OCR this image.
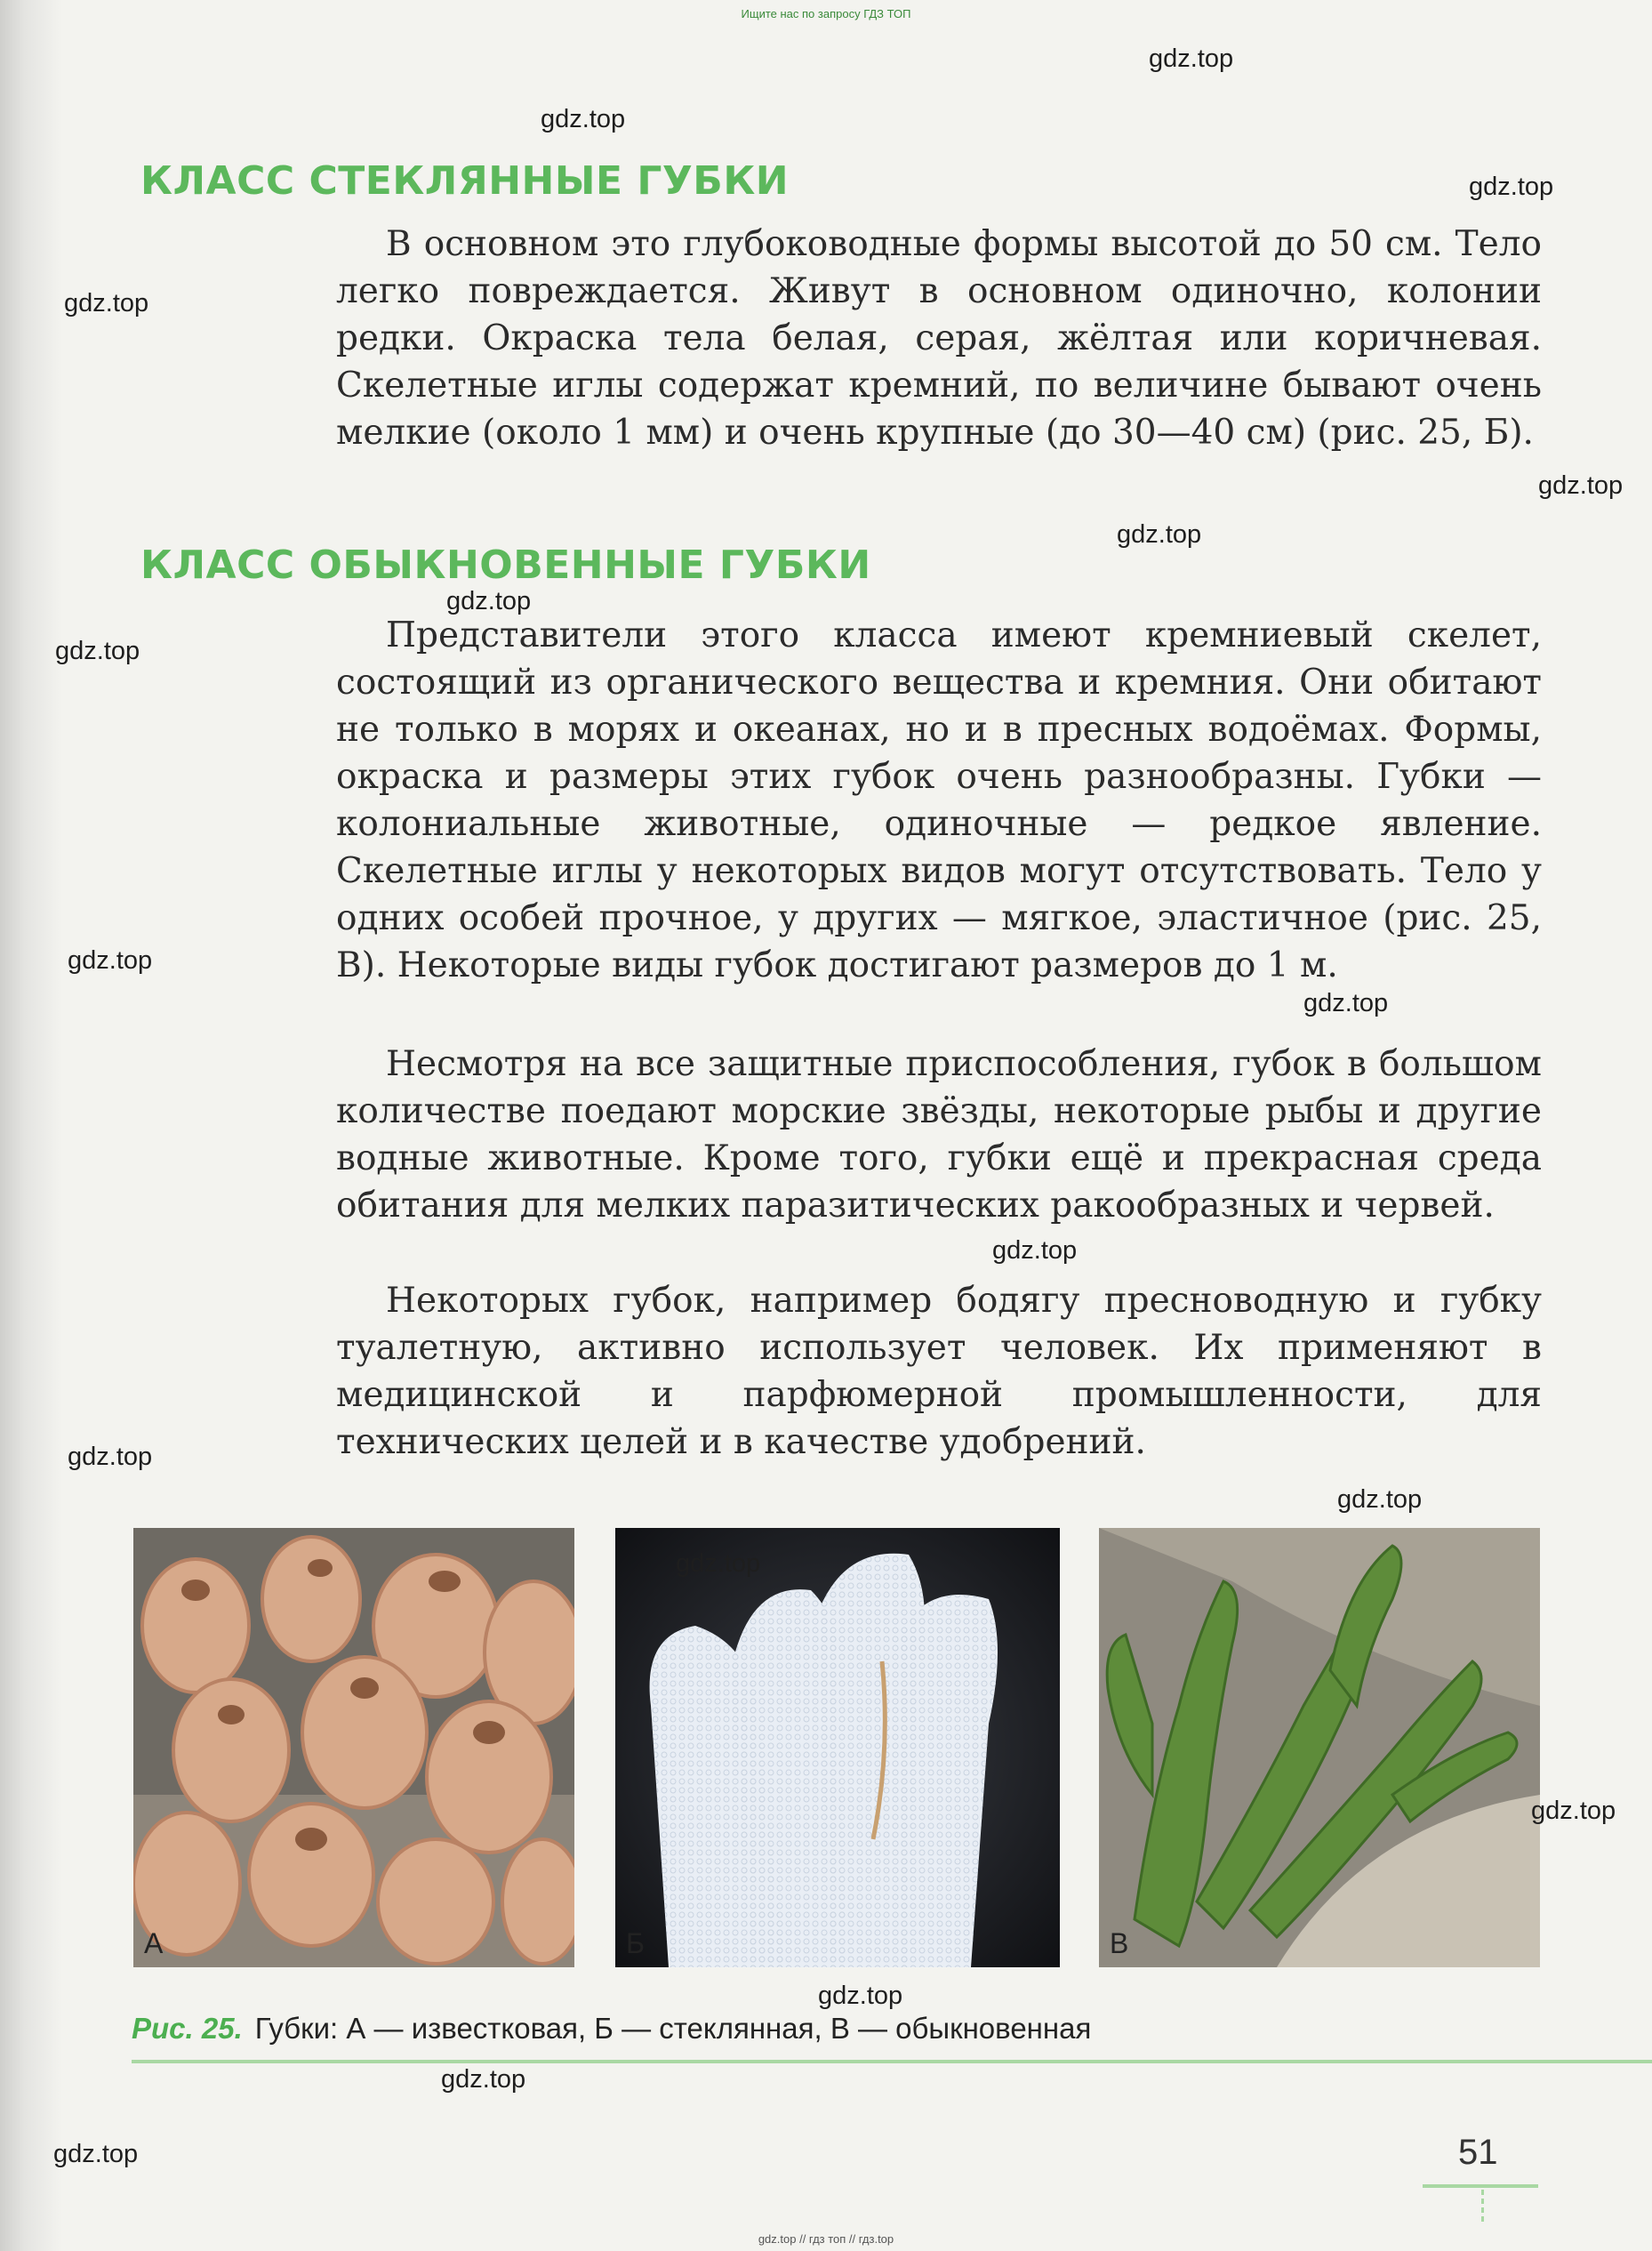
Ищите нас по запросу ГДЗ ТОП
КЛАСС СТЕКЛЯННЫЕ ГУБКИ

В основном это глубоководные формы высотой до 50 см. Тело легко повреждается. Живут в основном одиночно, колонии редки. Окраска тела белая, серая, жёлтая или коричневая. Скелетные иглы содержат кремний, по величине бывают очень мелкие (около 1 мм) и очень крупные (до 30—40 см) (рис. 25, Б).

КЛАСС ОБЫКНОВЕННЫЕ ГУБКИ

Представители этого класса имеют кремниевый скелет, состоящий из органического вещества и кремния. Они обитают не только в морях и океанах, но и в пресных водоёмах. Формы, окраска и размеры этих губок очень разнообразны. Губки — колониальные животные, одиночные — редкое явление. Скелетные иглы у некоторых видов могут отсутствовать. Тело у одних особей прочное, у других — мягкое, эластичное (рис. 25, В). Некоторые виды губок достигают размеров до 1 м.

Несмотря на все защитные приспособления, губок в большом количестве поедают морские звёзды, некоторые рыбы и другие водные животные. Кроме того, губки ещё и прекрасная среда обитания для мелких паразитических ракообразных и червей.

Некоторых губок, например бодягу пресноводную и губку туалетную, активно использует человек. Их применяют в медицинской и парфюмерной промышленности, для технических целей и в качестве удобрений.

А	Б	В
Рис. 25. Губки: А — известковая, Б — стеклянная, В — обыкновенная
51
gdz.top
gdz.top
gdz.top
gdz.top
gdz.top
gdz.top
gdz.top
gdz.top
gdz.top
gdz.top
gdz.top
gdz.top
gdz.top
gdz.top
gdz.top
gdz.top
gdz.top
gdz.top
gdz.top // гдз топ // гдз.top
